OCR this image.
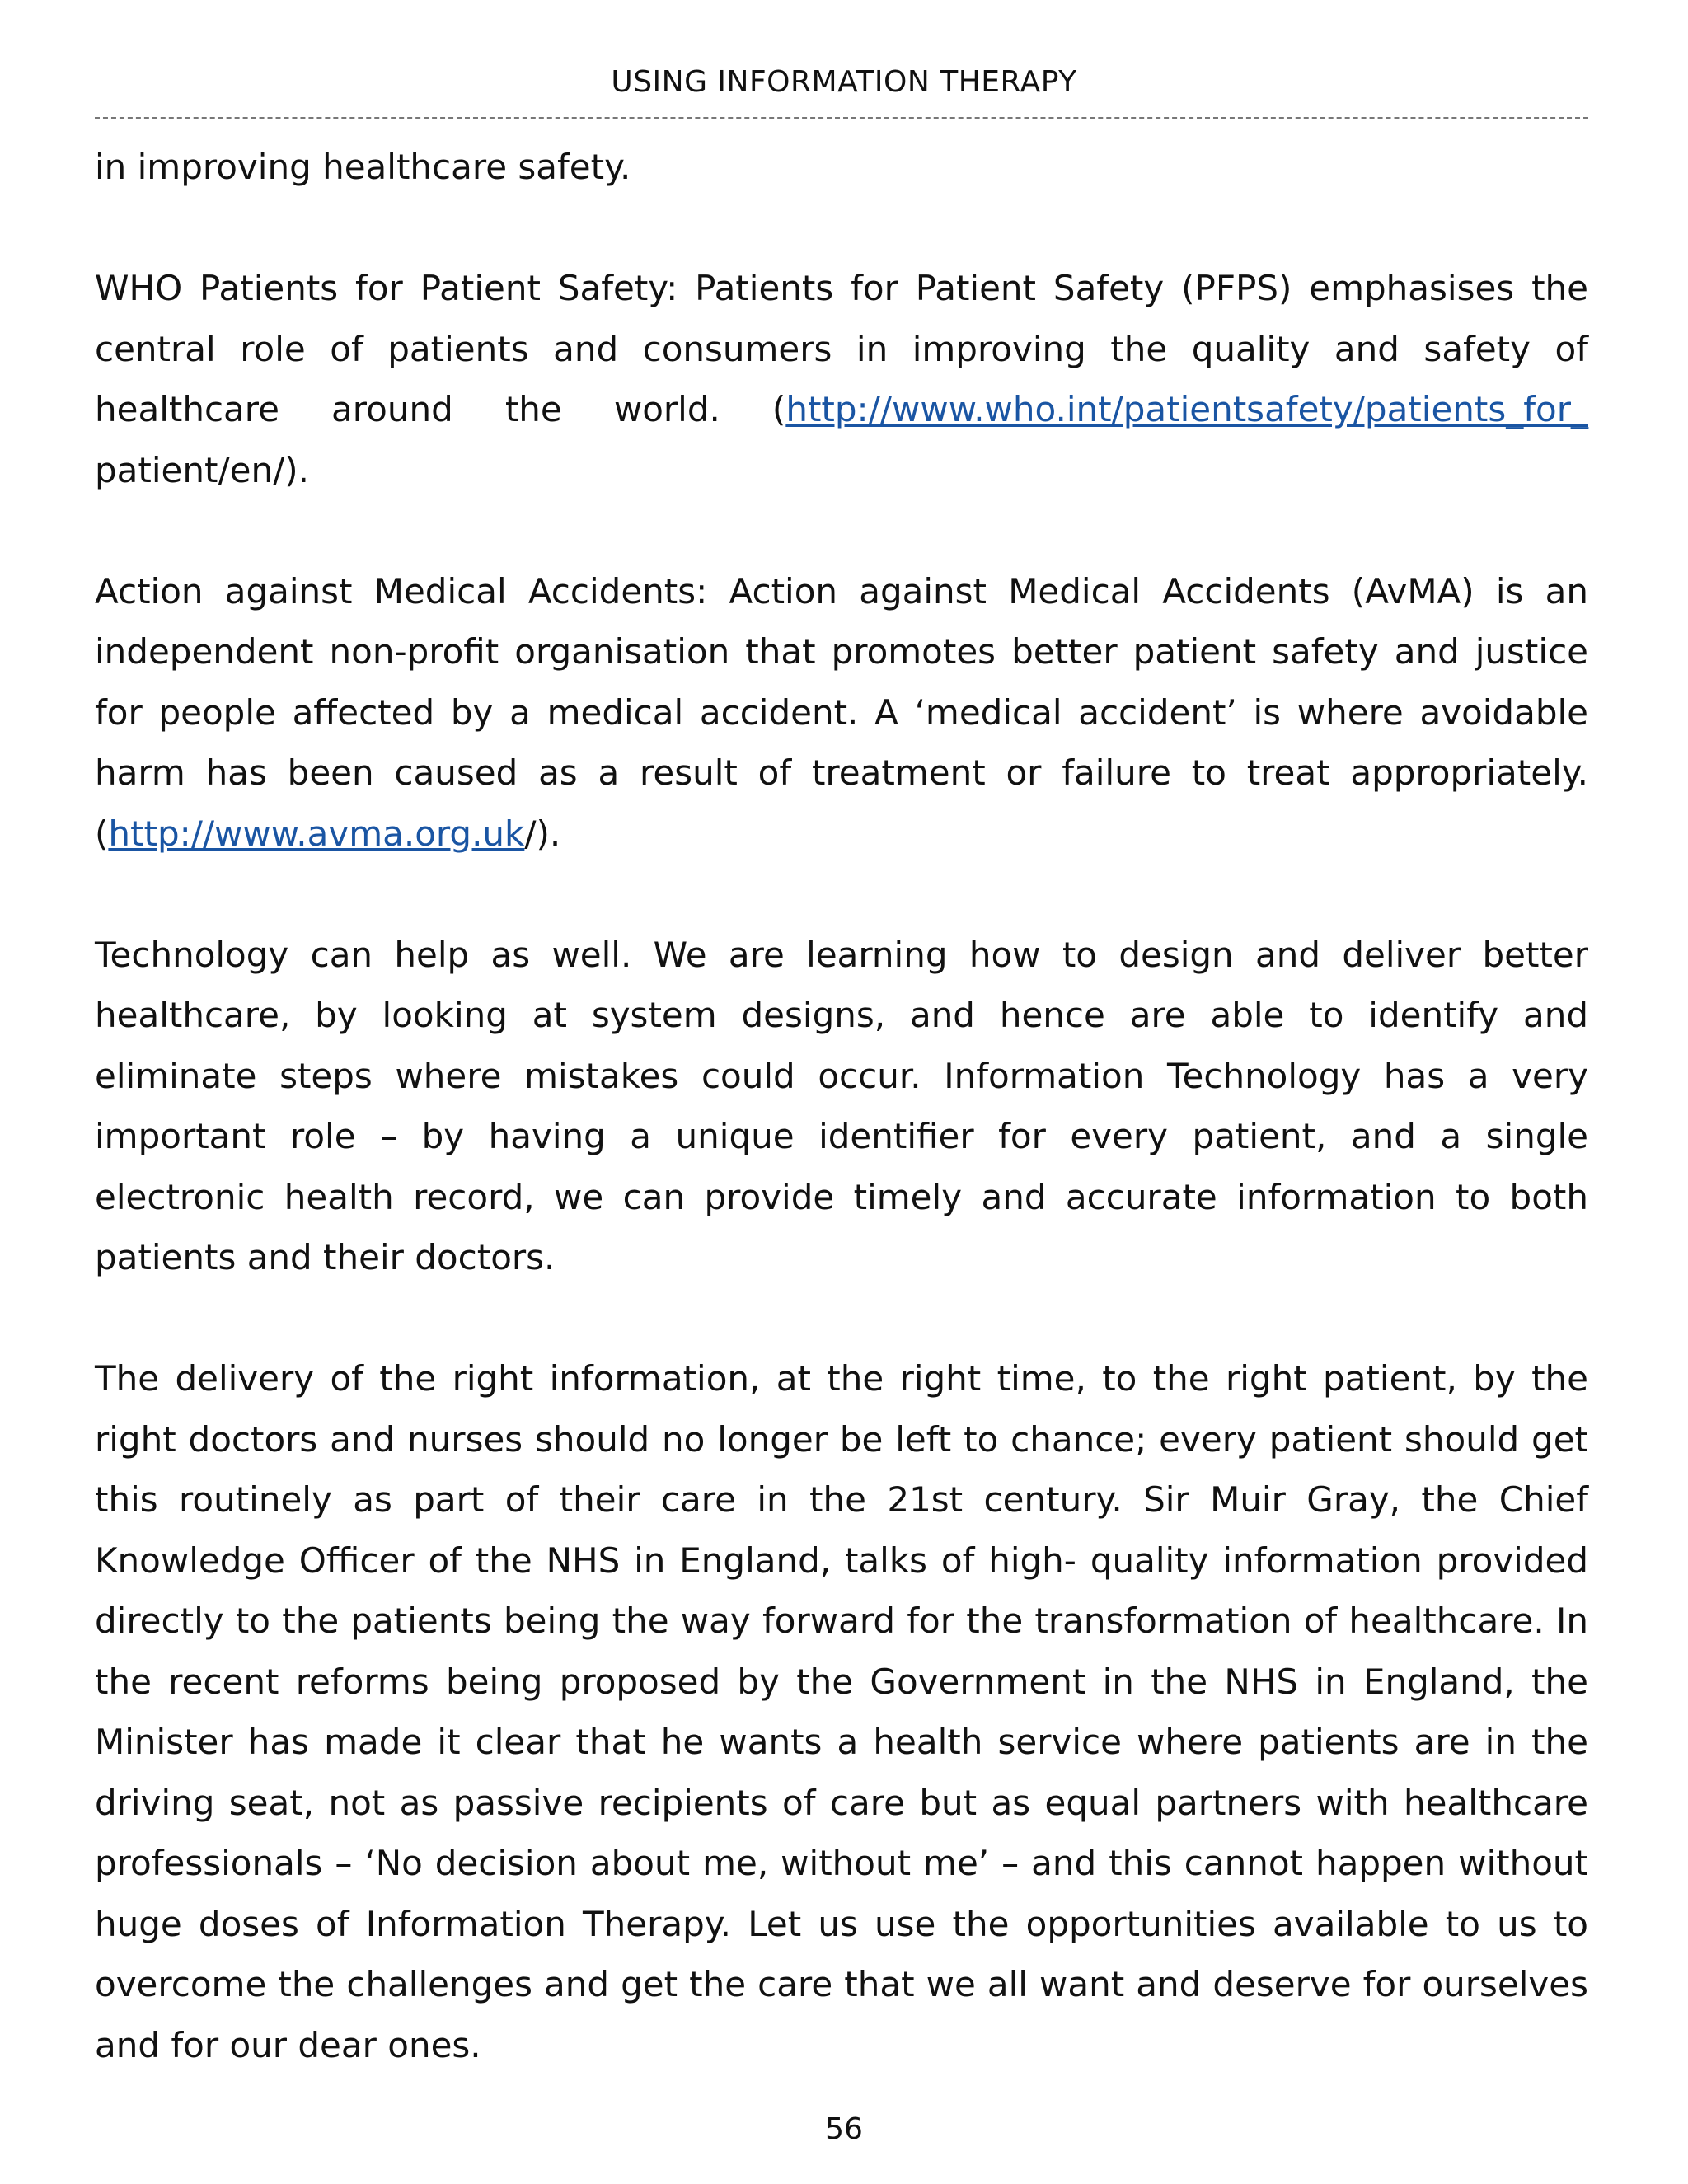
USING INFORMATION THERAPY

in improving healthcare safety.

WHO Patients for Patient Safety: Patients for Patient Safety (PFPS) emphasises the central role of patients and consumers in improving the quality and safety of healthcare around the world. (http://www.who.int/patientsafety/patients_for_ patient/en/).

Action against Medical Accidents: Action against Medical Accidents (AvMA) is an independent non-profit organisation that promotes better patient safety and justice for people affected by a medical accident. A ‘medical accident’ is where avoidable harm has been caused as a result of treatment or failure to treat appropriately. (http://www.avma.org.uk/).

Technology can help as well. We are learning how to design and deliver better healthcare, by looking at system designs, and hence are able to identify and eliminate steps where mistakes could occur. Information Technology has a very important role – by having a unique identifier for every patient, and a single electronic health record, we can provide timely and accurate information to both patients and their doctors.

The delivery of the right information, at the right time, to the right patient, by the right doctors and nurses should no longer be left to chance; every patient should get this routinely as part of their care in the 21st century. Sir Muir Gray, the Chief Knowledge Officer of the NHS in England, talks of high- quality information provided directly to the patients being the way forward for the transformation of healthcare. In the recent reforms being proposed by the Government in the NHS in England, the Minister has made it clear that he wants a health service where patients are in the driving seat, not as passive recipients of care but as equal partners with healthcare professionals – ‘No decision about me, without me’ – and this cannot happen without huge doses of Information Therapy. Let us use the opportunities available to us to overcome the challenges and get the care that we all want and deserve for ourselves and for our dear ones.

56
